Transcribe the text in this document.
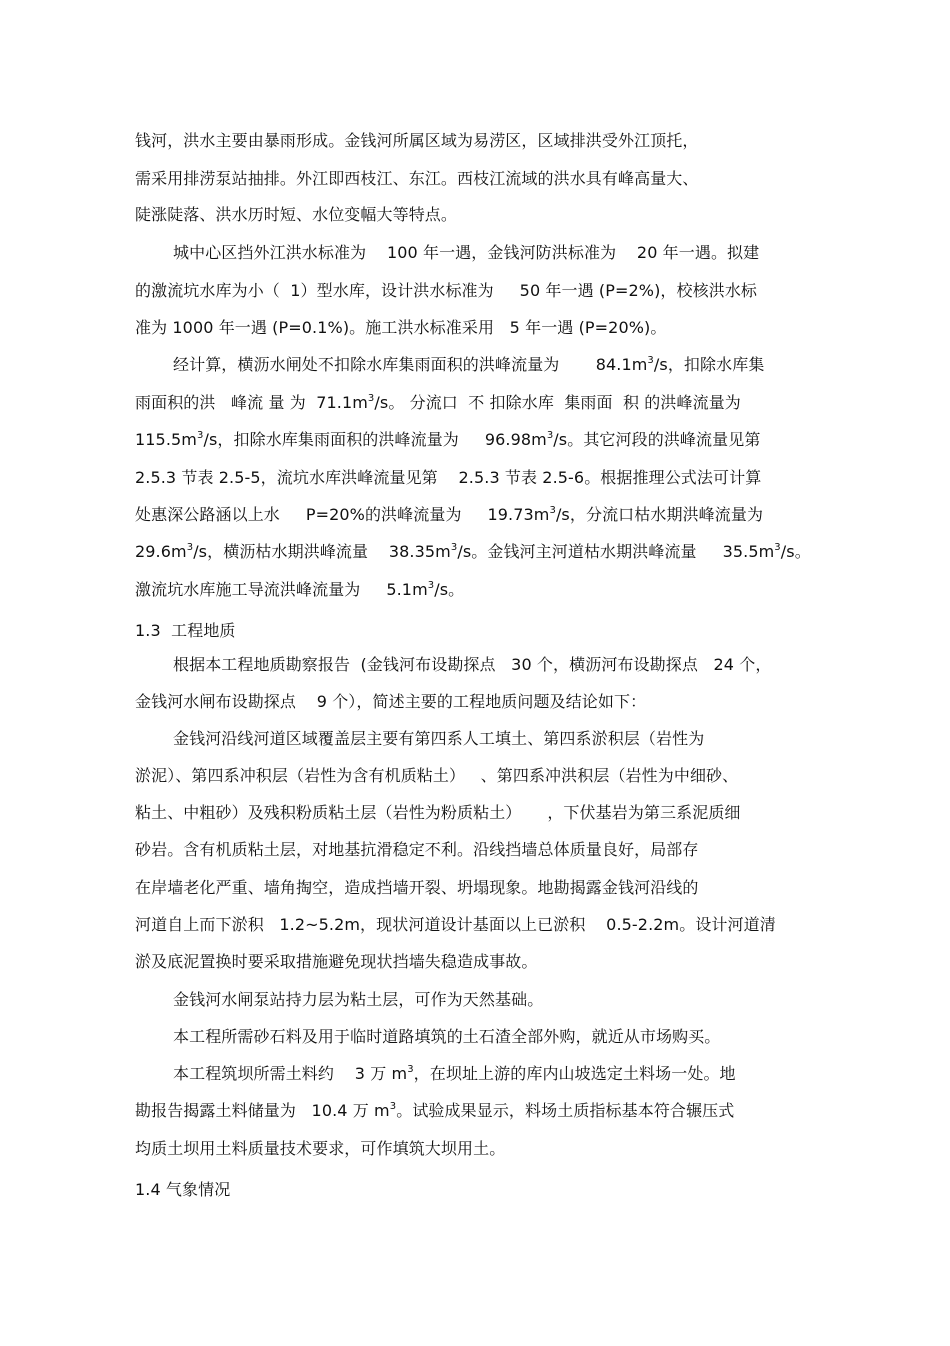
钱河，洪水主要由暴雨形成。金钱河所属区域为易涝区，区域排洪受外江顶托，
需采用排涝泵站抽排。外江即西枝江、东江。西枝江流域的洪水具有峰高量大、
陡涨陡落、洪水历时短、水位变幅大等特点。
城中心区挡外江洪水标准为    100 年一遇，金钱河防洪标准为    20 年一遇。拟建
的激流坑水库为小（  1）型水库，设计洪水标准为     50 年一遇 (P=2%)，校核洪水标
准为 1000 年一遇 (P=0.1%)。施工洪水标准采用   5 年一遇 (P=20%)。
经计算，横沥水闸处不扣除水库集雨面积的洪峰流量为       $84.1m^3/s$，扣除水库集
雨面积的洪   峰流 量 为  $71.1m^3/s$。 分流口  不 扣除水库  集雨面  积 的洪峰流量为
$115.5m^3/s$，扣除水库集雨面积的洪峰流量为     $96.98m^3/s$。其它河段的洪峰流量见第
2.5.3 节表 2.5-5，流坑水库洪峰流量见第    2.5.3 节表 2.5-6。根据推理公式法可计算
处惠深公路涵以上水     P=20%的洪峰流量为     $19.73m^3/s$，分流口枯水期洪峰流量为
$29.6m^3/s$，横沥枯水期洪峰流量    $38.35m^3/s$。金钱河主河道枯水期洪峰流量     $35.5m^3/s$。
激流坑水库施工导流洪峰流量为     $5.1m^3/s$。
1.3  工程地质
根据本工程地质勘察报告  (金钱河布设勘探点   30 个，横沥河布设勘探点   24 个，
金钱河水闸布设勘探点    9 个），简述主要的工程地质问题及结论如下：
金钱河沿线河道区域覆盖层主要有第四系人工填土、第四系淤积层（岩性为
淤泥）、第四系冲积层（岩性为含有机质粘土）   、第四系冲洪积层（岩性为中细砂、
粘土、中粗砂）及残积粉质粘土层（岩性为粉质粘土）     ，下伏基岩为第三系泥质细
砂岩。含有机质粘土层，对地基抗滑稳定不利。沿线挡墙总体质量良好，局部存
在岸墙老化严重、墙角掏空，造成挡墙开裂、坍塌现象。地勘揭露金钱河沿线的
河道自上而下淤积   1.2~5.2m，现状河道设计基面以上已淤积    0.5-2.2m。设计河道清
淤及底泥置换时要采取措施避免现状挡墙失稳造成事故。
金钱河水闸泵站持力层为粘土层，可作为天然基础。
本工程所需砂石料及用于临时道路填筑的土石渣全部外购，就近从市场购买。
本工程筑坝所需土料约    3 万 $m^3$，在坝址上游的库内山坡选定土料场一处。地
勘报告揭露土料储量为   10.4 万 $m^3$。试验成果显示，料场土质指标基本符合辗压式
均质土坝用土料质量技术要求，可作填筑大坝用土。
1.4 气象情况
